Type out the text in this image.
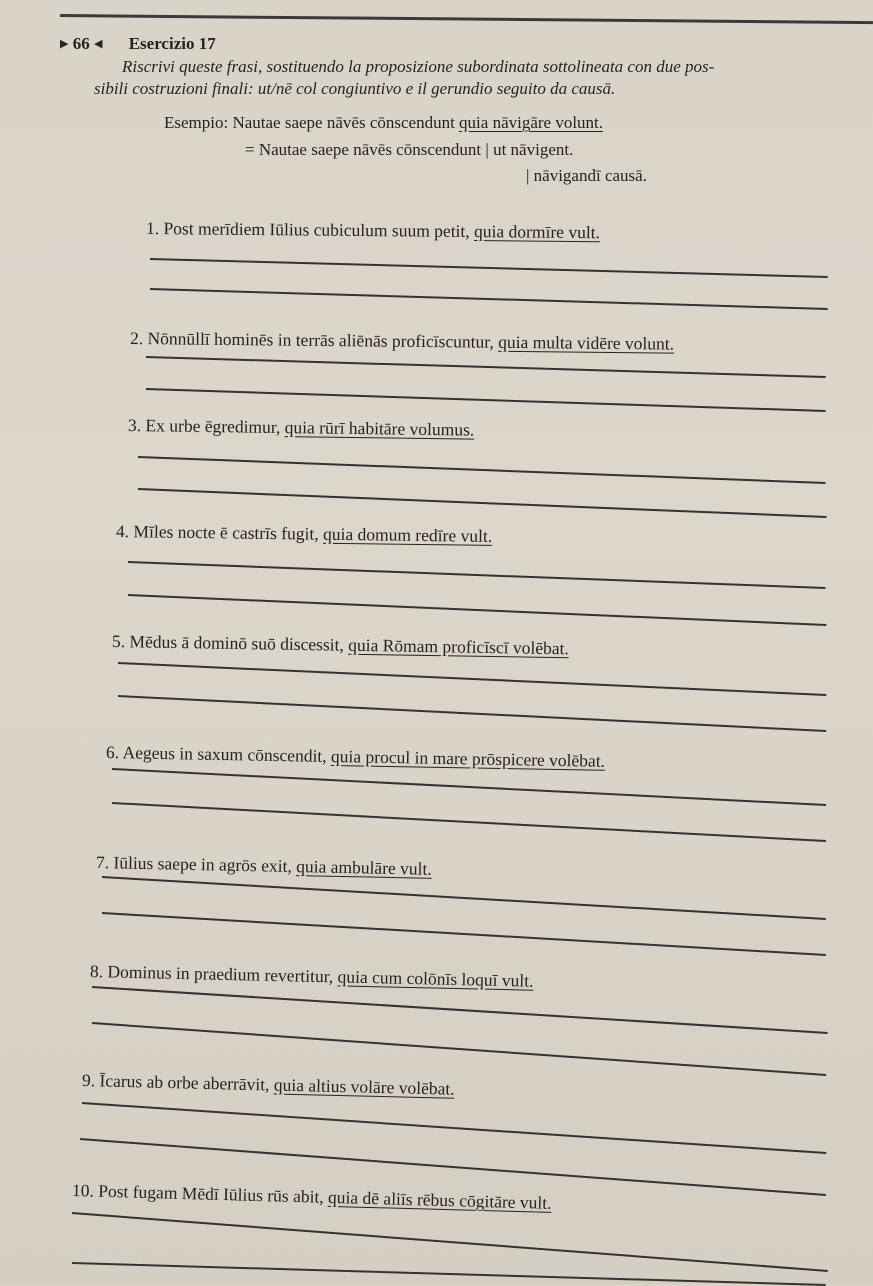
▶ 66 ◀ Esercizio 17

Riscrivi queste frasi, sostituendo la proposizione subordinata sottolineata con due pos-

sibili costruzioni finali: ut/nē col congiuntivo e il gerundio seguito da causā.

Esempio: Nautae saepe nāvēs cōnscendunt quia nāvigāre volunt.
= Nautae saepe nāvēs cōnscendunt | ut nāvigent.
| nāvigandī causā.
1. Post merīdiem Iūlius cubiculum suum petit, quia dormīre vult.
2. Nōnnūllī hominēs in terrās aliēnās proficīscuntur, quia multa vidēre volunt.
3. Ex urbe ēgredimur, quia rūrī habitāre volumus.
4. Mīles nocte ē castrīs fugit, quia domum redīre vult.
5. Mēdus ā dominō suō discessit, quia Rōmam proficīscī volēbat.
6. Aegeus in saxum cōnscendit, quia procul in mare prōspicere volēbat.
7. Iūlius saepe in agrōs exit, quia ambulāre vult.
8. Dominus in praedium revertitur, quia cum colōnīs loquī vult.
9. Īcarus ab orbe aberrāvit, quia altius volāre volēbat.
10. Post fugam Mēdī Iūlius rūs abit, quia dē aliīs rēbus cōgitāre vult.
